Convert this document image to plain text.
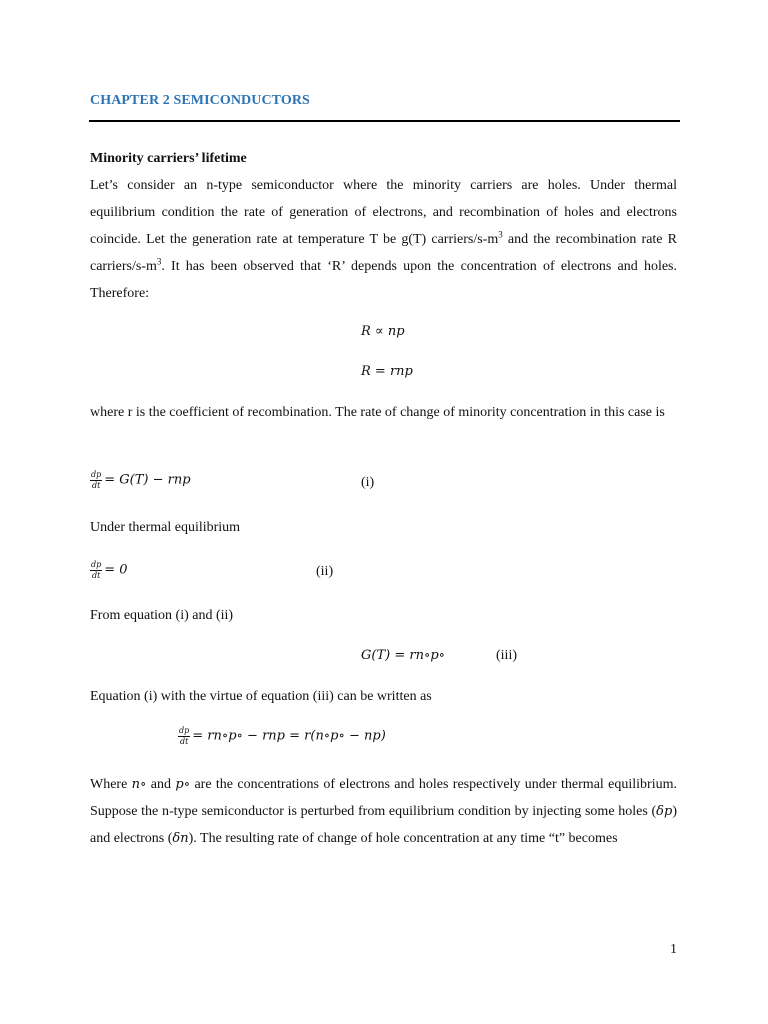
CHAPTER 2 SEMICONDUCTORS
Minority carriers’ lifetime
Let’s consider an n-type semiconductor where the minority carriers are holes. Under thermal equilibrium condition the rate of generation of electrons, and recombination of holes and electrons coincide. Let the generation rate at temperature T be g(T) carriers/$s-m^3$ and the recombination rate R carriers/$s-m^3$. It has been observed that ‘R’ depends upon the concentration of electrons and holes. Therefore:
R ∝ np
R = rnp
where r is the coefficient of recombination. The rate of change of minority concentration in this case is
$\frac{dp}{dt} = G(T)$ − rnp	(i)
Under thermal equilibrium
$\frac{dp}{dt} = 0$	(ii)
From equation (i) and (ii)
G(T) = rn∘p∘	(iii)
Equation (i) with the virtue of equation (iii) can be written as
$\frac{dp}{dt}$ = rn∘p∘ − rnp = r(n∘p∘ − np)
Where n∘ and p∘ are the concentrations of electrons and holes respectively under thermal equilibrium. Suppose the n-type semiconductor is perturbed from equilibrium condition by injecting some holes (δp) and electrons (δn). The resulting rate of change of hole concentration at any time “t” becomes
1
